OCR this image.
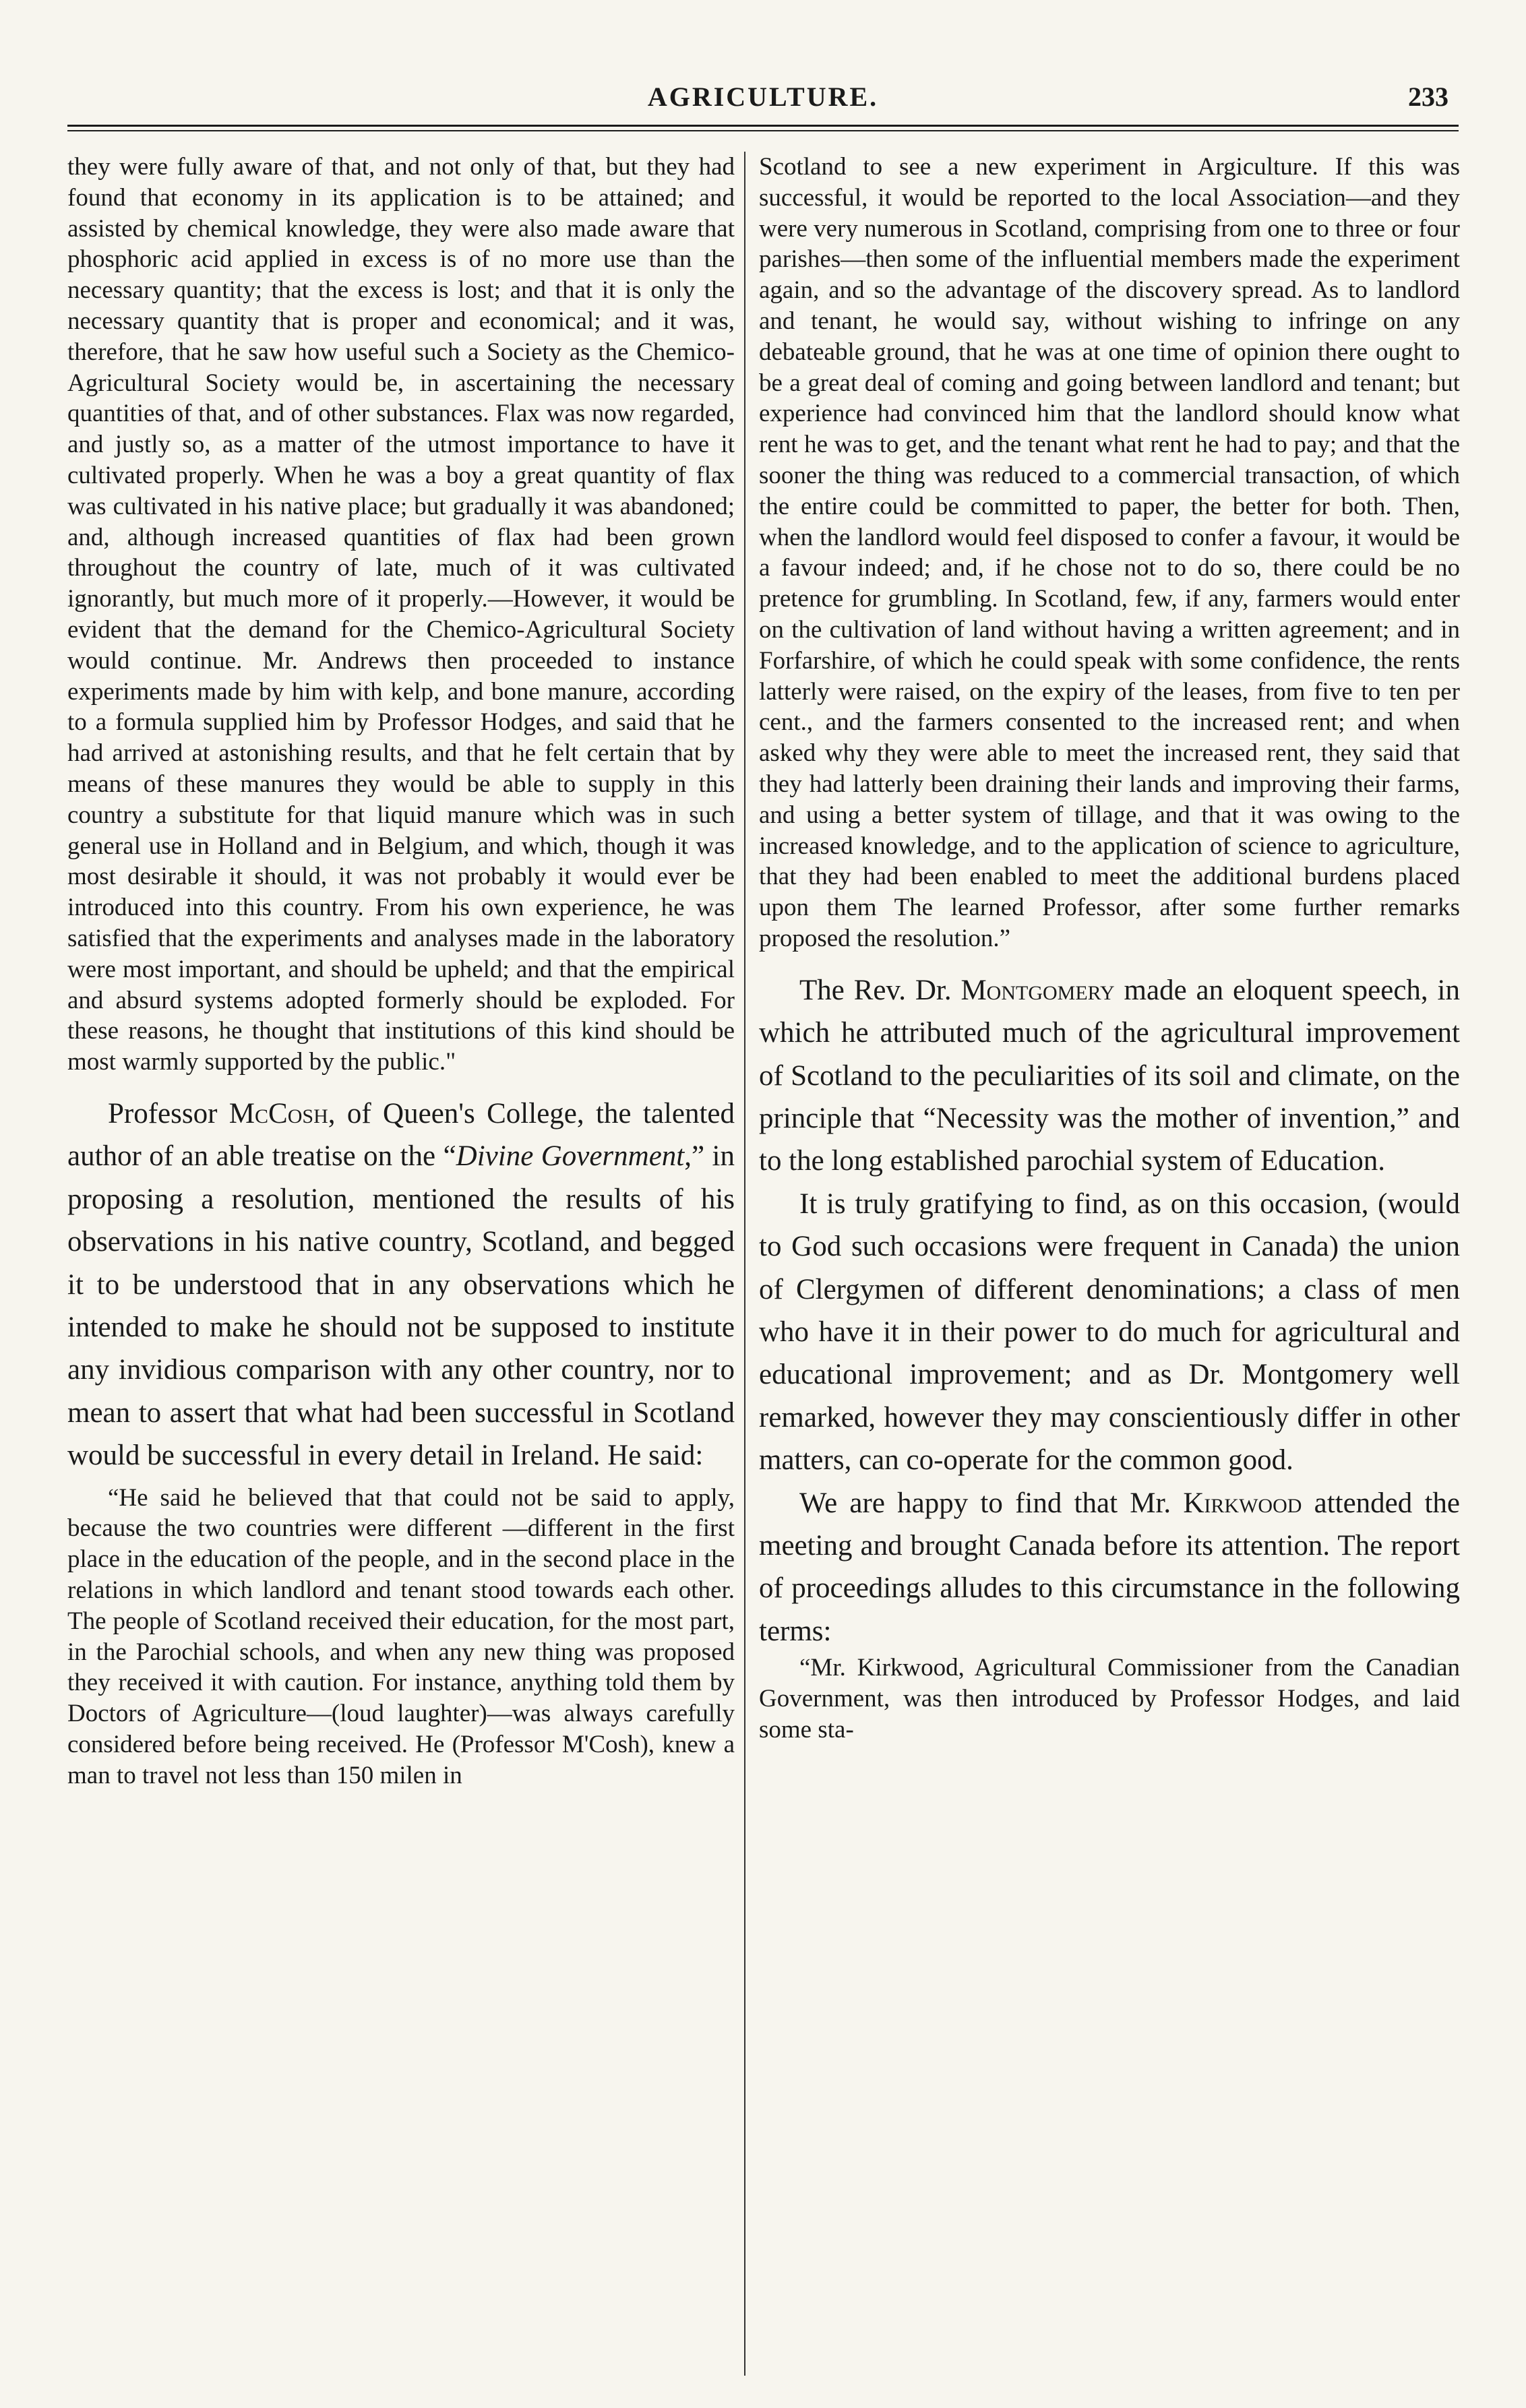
AGRICULTURE.	233

they were fully aware of that, and not only of that, but they had found that economy in its application is to be attained; and assisted by chemical knowledge, they were also made aware that phosphoric acid applied in excess is of no more use than the necessary quantity; that the excess is lost; and that it is only the necessary quantity that is proper and economical; and it was, therefore, that he saw how useful such a Society as the Chemico-Agricultural Society would be, in ascertaining the necessary quantities of that, and of other substances. Flax was now regarded, and justly so, as a matter of the utmost importance to have it cultivated properly. When he was a boy a great quantity of flax was cultivated in his native place; but gradually it was abandoned; and, although increased quantities of flax had been grown throughout the country of late, much of it was cultivated ignorantly, but much more of it properly.—However, it would be evident that the demand for the Chemico-Agricultural Society would continue. Mr. Andrews then proceeded to instance experiments made by him with kelp, and bone manure, according to a formula supplied him by Professor Hodges, and said that he had arrived at astonishing results, and that he felt certain that by means of these manures they would be able to supply in this country a substitute for that liquid manure which was in such general use in Holland and in Belgium, and which, though it was most desirable it should, it was not probably it would ever be introduced into this country. From his own experience, he was satisfied that the experiments and analyses made in the laboratory were most important, and should be upheld; and that the empirical and absurd systems adopted formerly should be exploded. For these reasons, he thought that institutions of this kind should be most warmly supported by the public."

Professor McCosh, of Queen's College, the talented author of an able treatise on the “Divine Government,” in proposing a resolution, mentioned the results of his observations in his native country, Scotland, and begged it to be understood that in any observations which he intended to make he should not be supposed to institute any invidious comparison with any other country, nor to mean to assert that what had been successful in Scotland would be successful in every detail in Ireland. He said:

“He said he believed that that could not be said to apply, because the two countries were different —different in the first place in the education of the people, and in the second place in the relations in which landlord and tenant stood towards each other. The people of Scotland received their education, for the most part, in the Parochial schools, and when any new thing was proposed they received it with caution. For instance, anything told them by Doctors of Agriculture—(loud laughter)—was always carefully considered before being received. He (Professor M'Cosh), knew a man to travel not less than 150 milen in

Scotland to see a new experiment in Argiculture. If this was successful, it would be reported to the local Association—and they were very numerous in Scotland, comprising from one to three or four parishes—then some of the influential members made the experiment again, and so the advantage of the discovery spread. As to landlord and tenant, he would say, without wishing to infringe on any debateable ground, that he was at one time of opinion there ought to be a great deal of coming and going between landlord and tenant; but experience had convinced him that the landlord should know what rent he was to get, and the tenant what rent he had to pay; and that the sooner the thing was reduced to a commercial transaction, of which the entire could be committed to paper, the better for both. Then, when the landlord would feel disposed to confer a favour, it would be a favour indeed; and, if he chose not to do so, there could be no pretence for grumbling. In Scotland, few, if any, farmers would enter on the cultivation of land without having a written agreement; and in Forfarshire, of which he could speak with some confidence, the rents latterly were raised, on the expiry of the leases, from five to ten per cent., and the farmers consented to the increased rent; and when asked why they were able to meet the increased rent, they said that they had latterly been draining their lands and improving their farms, and using a better system of tillage, and that it was owing to the increased knowledge, and to the application of science to agriculture, that they had been enabled to meet the additional burdens placed upon them The learned Professor, after some further remarks proposed the resolution.”

The Rev. Dr. Montgomery made an eloquent speech, in which he attributed much of the agricultural improvement of Scotland to the peculiarities of its soil and climate, on the principle that “Necessity was the mother of invention,” and to the long established parochial system of Education.

It is truly gratifying to find, as on this occasion, (would to God such occasions were frequent in Canada) the union of Clergymen of different denominations; a class of men who have it in their power to do much for agricultural and educational improvement; and as Dr. Montgomery well remarked, however they may conscientiously differ in other matters, can co-operate for the common good.

We are happy to find that Mr. Kirkwood attended the meeting and brought Canada before its attention. The report of proceedings alludes to this circumstance in the following terms:

“Mr. Kirkwood, Agricultural Commissioner from the Canadian Government, was then introduced by Professor Hodges, and laid some sta-
